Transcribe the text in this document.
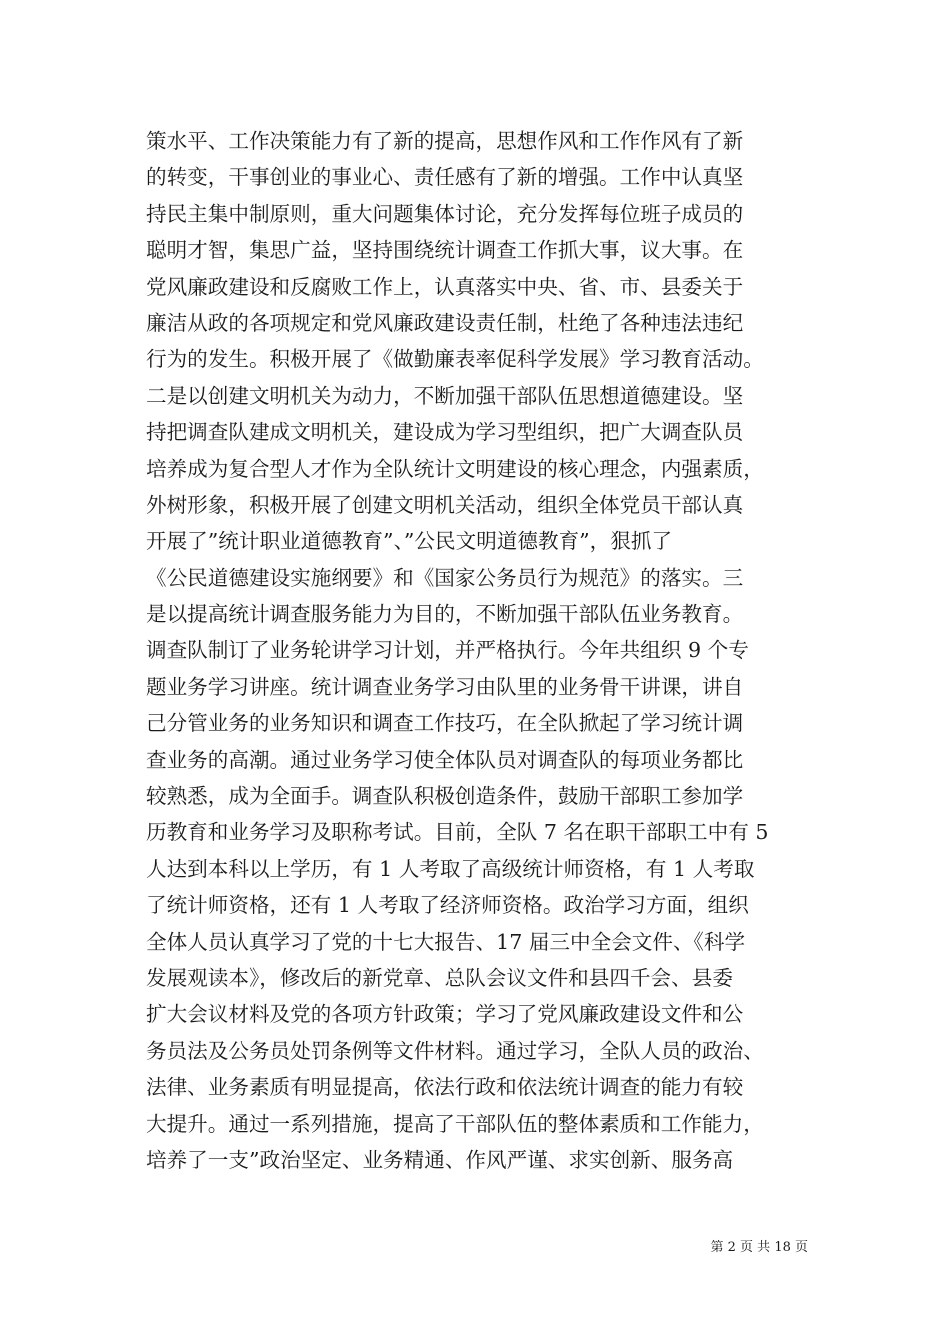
策水平、工作决策能力有了新的提高，思想作风和工作作风有了新
的转变，干事创业的事业心、责任感有了新的增强。工作中认真坚
持民主集中制原则，重大问题集体讨论，充分发挥每位班子成员的
聪明才智，集思广益，坚持围绕统计调查工作抓大事，议大事。在
党风廉政建设和反腐败工作上，认真落实中央、省、市、县委关于
廉洁从政的各项规定和党风廉政建设责任制，杜绝了各种违法违纪
行为的发生。积极开展了《做勤廉表率促科学发展》学习教育活动。
二是以创建文明机关为动力，不断加强干部队伍思想道德建设。坚
持把调查队建成文明机关，建设成为学习型组织，把广大调查队员
培养成为复合型人才作为全队统计文明建设的核心理念，内强素质，
外树形象，积极开展了创建文明机关活动，组织全体党员干部认真
开展了”统计职业道德教育”、”公民文明道德教育”，狠抓了
《公民道德建设实施纲要》和《国家公务员行为规范》的落实。三
是以提高统计调查服务能力为目的，不断加强干部队伍业务教育。
调查队制订了业务轮讲学习计划，并严格执行。今年共组织 9 个专
题业务学习讲座。统计调查业务学习由队里的业务骨干讲课，讲自
己分管业务的业务知识和调查工作技巧，在全队掀起了学习统计调
查业务的高潮。通过业务学习使全体队员对调查队的每项业务都比
较熟悉，成为全面手。调查队积极创造条件，鼓励干部职工参加学
历教育和业务学习及职称考试。目前，全队 7 名在职干部职工中有 5
人达到本科以上学历，有 1 人考取了高级统计师资格，有 1 人考取
了统计师资格，还有 1 人考取了经济师资格。政治学习方面，组织
全体人员认真学习了党的十七大报告、17 届三中全会文件、《科学
发展观读本》，修改后的新党章、总队会议文件和县四千会、县委
扩大会议材料及党的各项方针政策；学习了党风廉政建设文件和公
务员法及公务员处罚条例等文件材料。通过学习，全队人员的政治、
法律、业务素质有明显提高，依法行政和依法统计调查的能力有较
大提升。通过一系列措施，提高了干部队伍的整体素质和工作能力，
培养了一支”政治坚定、业务精通、作风严谨、求实创新、服务高
第 2 页 共 18 页
